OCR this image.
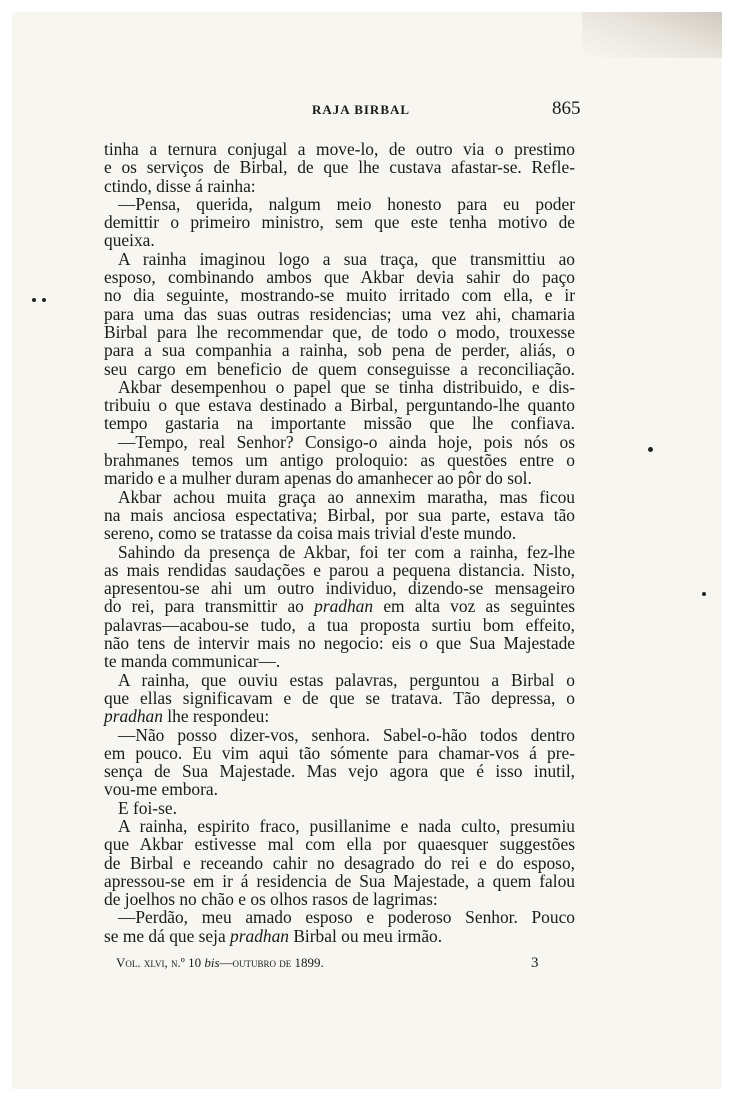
RAJA BIRBAL	865
tinha a ternura conjugal a move-lo, de outro via o prestimo
e os serviços de Birbal, de que lhe custava afastar-se. Refle-
ctindo, disse á rainha:
—Pensa, querida, nalgum meio honesto para eu poder
demittir o primeiro ministro, sem que este tenha motivo de
queixa.
A rainha imaginou logo a sua traça, que transmittiu ao
esposo, combinando ambos que Akbar devia sahir do paço
no dia seguinte, mostrando-se muito irritado com ella, e ir
para uma das suas outras residencias; uma vez ahi, chamaria
Birbal para lhe recommendar que, de todo o modo, trouxesse
para a sua companhia a rainha, sob pena de perder, aliás, o
seu cargo em beneficio de quem conseguisse a reconciliação.
Akbar desempenhou o papel que se tinha distribuido, e dis-
tribuiu o que estava destinado a Birbal, perguntando-lhe quanto
tempo gastaria na importante missão que lhe confiava.
—Tempo, real Senhor? Consigo-o ainda hoje, pois nós os
brahmanes temos um antigo proloquio: as questões entre o
marido e a mulher duram apenas do amanhecer ao pôr do sol.
Akbar achou muita graça ao annexim maratha, mas ficou
na mais anciosa espectativa; Birbal, por sua parte, estava tão
sereno, como se tratasse da coisa mais trivial d'este mundo.
Sahindo da presença de Akbar, foi ter com a rainha, fez-lhe
as mais rendidas saudações e parou a pequena distancia. Nisto,
apresentou-se ahi um outro individuo, dizendo-se mensageiro
do rei, para transmittir ao pradhan em alta voz as seguintes
palavras—acabou-se tudo, a tua proposta surtiu bom effeito,
não tens de intervir mais no negocio: eis o que Sua Majestade
te manda communicar—.
A rainha, que ouviu estas palavras, perguntou a Birbal o
que ellas significavam e de que se tratava. Tão depressa, o
pradhan lhe respondeu:
—Não posso dizer-vos, senhora. Sabel-o-hão todos dentro
em pouco. Eu vim aqui tão sómente para chamar-vos á pre-
sença de Sua Majestade. Mas vejo agora que é isso inutil,
vou-me embora.
E foi-se.
A rainha, espirito fraco, pusillanime e nada culto, presumiu
que Akbar estivesse mal com ella por quaesquer suggestões
de Birbal e receando cahir no desagrado do rei e do esposo,
apressou-se em ir á residencia de Sua Majestade, a quem falou
de joelhos no chão e os olhos rasos de lagrimas:
—Perdão, meu amado esposo e poderoso Senhor. Pouco
se me dá que seja pradhan Birbal ou meu irmão.
Vol. xlvi, n.º 10 bis—outubro de 1899.	3
